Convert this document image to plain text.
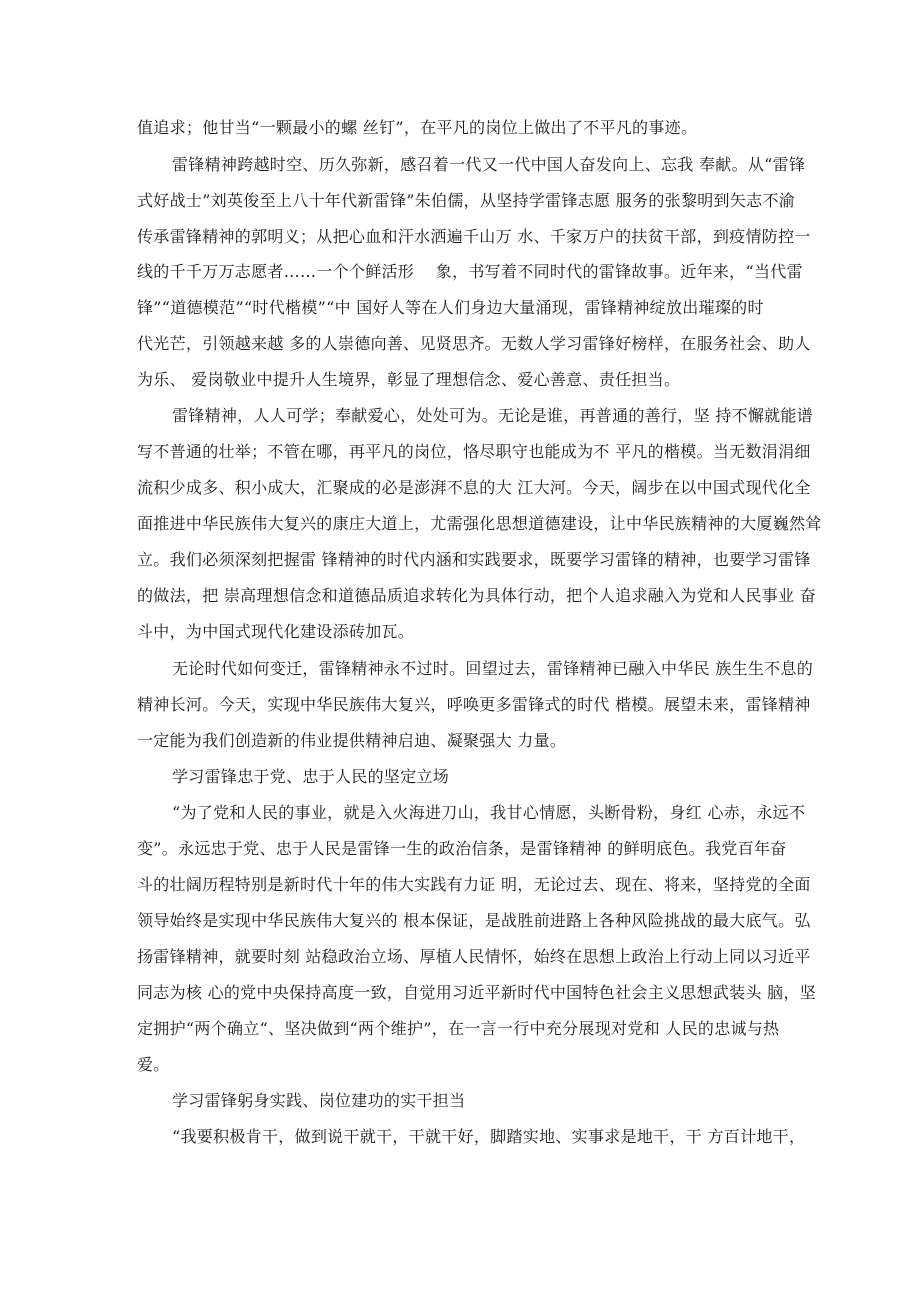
值追求；他甘当“一颗最小的螺 丝钉”，在平凡的岗位上做出了不平凡的事迹。
雷锋精神跨越时空、历久弥新，感召着一代又一代中国人奋发向上、忘我 奉献。从“雷锋
式好战士”刘英俊至上八十年代新雷锋”朱伯儒，从坚持学雷锋志愿 服务的张黎明到矢志不渝
传承雷锋精神的郭明义；从把心血和汗水洒遍千山万 水、千家万户的扶贫干部，到疫情防控一
线的千千万万志愿者……一个个鲜活形　 象，书写着不同时代的雷锋故事。近年来，“当代雷
锋”“道德模范”“时代楷模”“中 国好人等在人们身边大量涌现，雷锋精神绽放出璀璨的时
代光芒，引领越来越 多的人崇德向善、见贤思齐。无数人学习雷锋好榜样，在服务社会、助人
为乐、 爱岗敬业中提升人生境界，彰显了理想信念、爱心善意、责任担当。
雷锋精神，人人可学；奉献爱心，处处可为。无论是谁，再普通的善行，坚 持不懈就能谱
写不普通的壮举；不管在哪，再平凡的岗位，恪尽职守也能成为不 平凡的楷模。当无数涓涓细
流积少成多、积小成大，汇聚成的必是澎湃不息的大 江大河。今天，阔步在以中国式现代化全
面推进中华民族伟大复兴的康庄大道上，尤需强化思想道德建设，让中华民族精神的大厦巍然耸
立。我们必须深刻把握雷 锋精神的时代内涵和实践要求，既要学习雷锋的精神，也要学习雷锋
的做法，把 崇高理想信念和道德品质追求转化为具体行动，把个人追求融入为党和人民事业 奋
斗中，为中国式现代化建设添砖加瓦。
无论时代如何变迁，雷锋精神永不过时。回望过去，雷锋精神已融入中华民 族生生不息的
精神长河。今天，实现中华民族伟大复兴，呼唤更多雷锋式的时代 楷模。展望未来，雷锋精神
一定能为我们创造新的伟业提供精神启迪、凝聚强大 力量。
学习雷锋忠于党、忠于人民的坚定立场
“为了党和人民的事业，就是入火海进刀山，我甘心情愿，头断骨粉，身红 心赤，永远不
变”。永远忠于党、忠于人民是雷锋一生的政治信条，是雷锋精神 的鲜明底色。我党百年奋
斗的壮阔历程特别是新时代十年的伟大实践有力证 明，无论过去、现在、将来，坚持党的全面
领导始终是实现中华民族伟大复兴的 根本保证，是战胜前进路上各种风险挑战的最大底气。弘
扬雷锋精神，就要时刻 站稳政治立场、厚植人民情怀，始终在思想上政治上行动上同以习近平
同志为核 心的党中央保持高度一致，自觉用习近平新时代中国特色社会主义思想武装头 脑，坚
定拥护“两个确立“、坚决做到“两个维护”，在一言一行中充分展现对党和 人民的忠诚与热
爱。
学习雷锋躬身实践、岗位建功的实干担当
“我要积极肯干，做到说干就干，干就干好，脚踏实地、实事求是地干，干 方百计地干，
